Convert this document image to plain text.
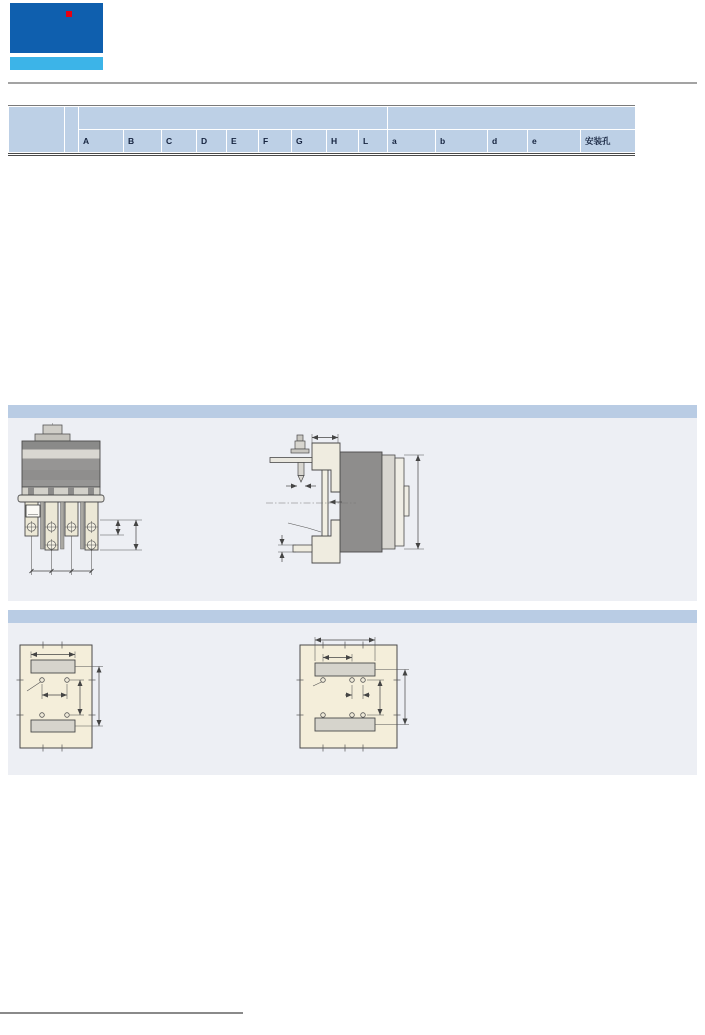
		A	B	C	D	E	F	G	H	L	a	b	d	e	安装孔
